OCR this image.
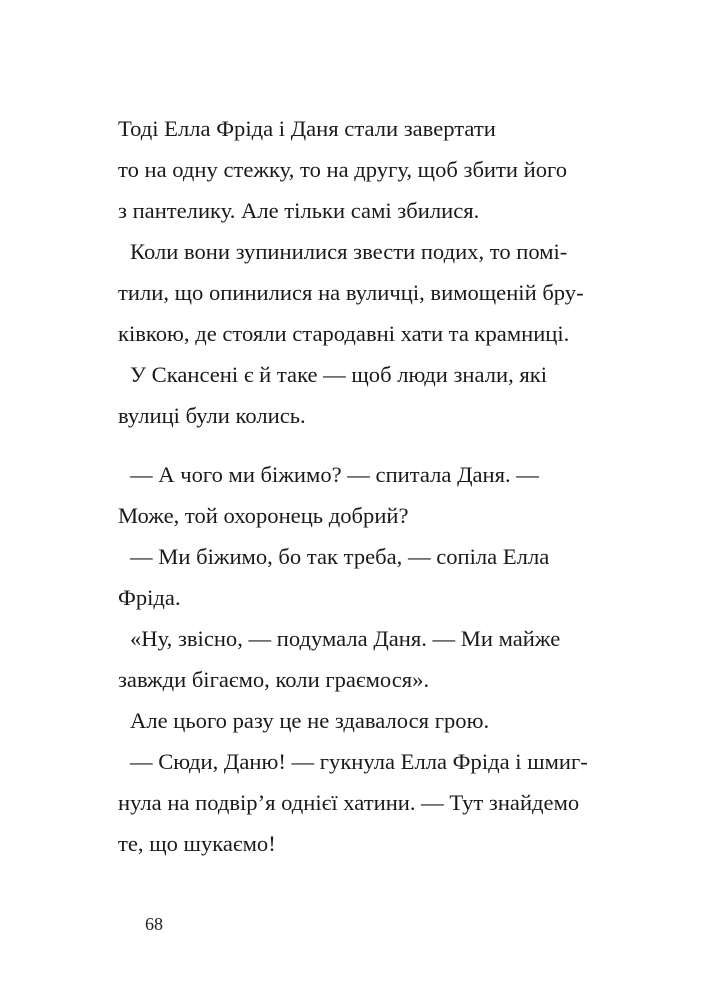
Тоді Елла Фріда і Даня стали завертати
то на одну стежку, то на другу, щоб збити його
з пантелику. Але тільки самі збилися.
Коли вони зупинилися звести подих, то помі-
тили, що опинилися на вуличці, вимощеній бру-
ківкою, де стояли стародавні хати та крамниці.
У Скансені є й таке — щоб люди знали, які
вулиці були колись.
— А чого ми біжимо? — спитала Даня. —
Може, той охоронець добрий?
— Ми біжимо, бо так треба, — сопіла Елла
Фріда.
«Ну, звісно, — подумала Даня. — Ми майже
завжди бігаємо, коли граємося».
Але цього разу це не здавалося грою.
— Сюди, Даню! — гукнула Елла Фріда і шмиг-
нула на подвір’я однієї хатини. — Тут знайдемо
те, що шукаємо!
68
